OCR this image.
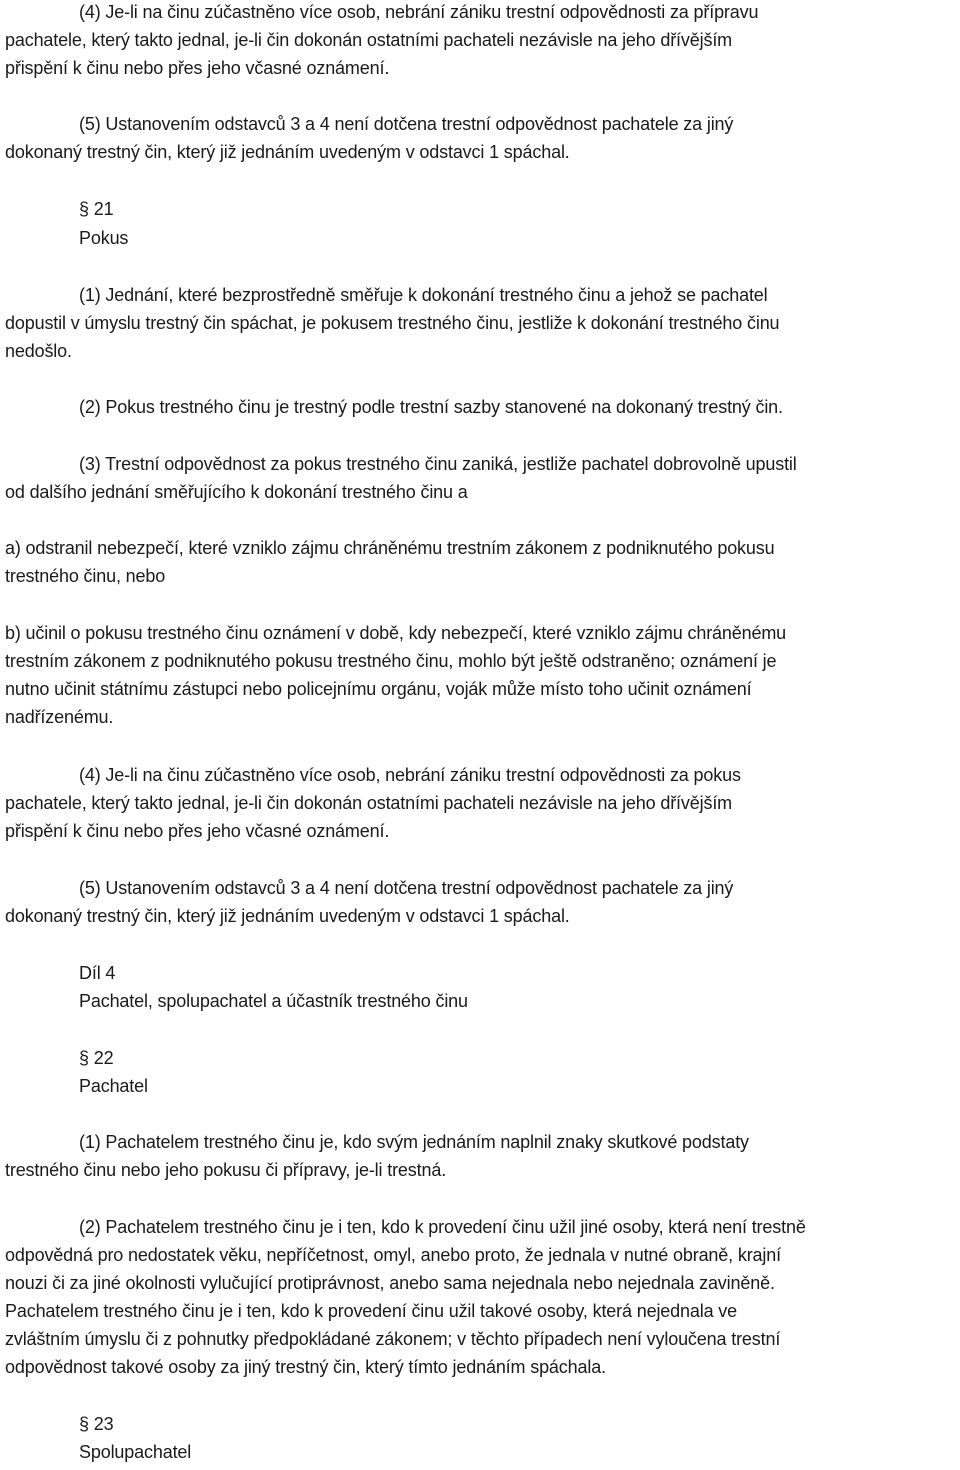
(4) Je-li na činu zúčastněno více osob, nebrání zániku trestní odpovědnosti za přípravu
pachatele, který takto jednal, je-li čin dokonán ostatními pachateli nezávisle na jeho dřívějším
přispění k činu nebo přes jeho včasné oznámení.
(5) Ustanovením odstavců 3 a 4 není dotčena trestní odpovědnost pachatele za jiný
dokonaný trestný čin, který již jednáním uvedeným v odstavci 1 spáchal.
§ 21
Pokus
(1) Jednání, které bezprostředně směřuje k dokonání trestného činu a jehož se pachatel
dopustil v úmyslu trestný čin spáchat, je pokusem trestného činu, jestliže k dokonání trestného činu
nedošlo.
(2) Pokus trestného činu je trestný podle trestní sazby stanovené na dokonaný trestný čin.
(3) Trestní odpovědnost za pokus trestného činu zaniká, jestliže pachatel dobrovolně upustil
od dalšího jednání směřujícího k dokonání trestného činu a
a) odstranil nebezpečí, které vzniklo zájmu chráněnému trestním zákonem z podniknutého pokusu
trestného činu, nebo
b) učinil o pokusu trestného činu oznámení v době, kdy nebezpečí, které vzniklo zájmu chráněnému
trestním zákonem z podniknutého pokusu trestného činu, mohlo být ještě odstraněno; oznámení je
nutno učinit státnímu zástupci nebo policejnímu orgánu, voják může místo toho učinit oznámení
nadřízenému.
(4) Je-li na činu zúčastněno více osob, nebrání zániku trestní odpovědnosti za pokus
pachatele, který takto jednal, je-li čin dokonán ostatními pachateli nezávisle na jeho dřívějším
přispění k činu nebo přes jeho včasné oznámení.
(5) Ustanovením odstavců 3 a 4 není dotčena trestní odpovědnost pachatele za jiný
dokonaný trestný čin, který již jednáním uvedeným v odstavci 1 spáchal.
Díl 4
Pachatel, spolupachatel a účastník trestného činu
§ 22
Pachatel
(1) Pachatelem trestného činu je, kdo svým jednáním naplnil znaky skutkové podstaty
trestného činu nebo jeho pokusu či přípravy, je-li trestná.
(2) Pachatelem trestného činu je i ten, kdo k provedení činu užil jiné osoby, která není trestně
odpovědná pro nedostatek věku, nepříčetnost, omyl, anebo proto, že jednala v nutné obraně, krajní
nouzi či za jiné okolnosti vylučující protiprávnost, anebo sama nejednala nebo nejednala zaviněně.
Pachatelem trestného činu je i ten, kdo k provedení činu užil takové osoby, která nejednala ve
zvláštním úmyslu či z pohnutky předpokládané zákonem; v těchto případech není vyloučena trestní
odpovědnost takové osoby za jiný trestný čin, který tímto jednáním spáchala.
§ 23
Spolupachatel
